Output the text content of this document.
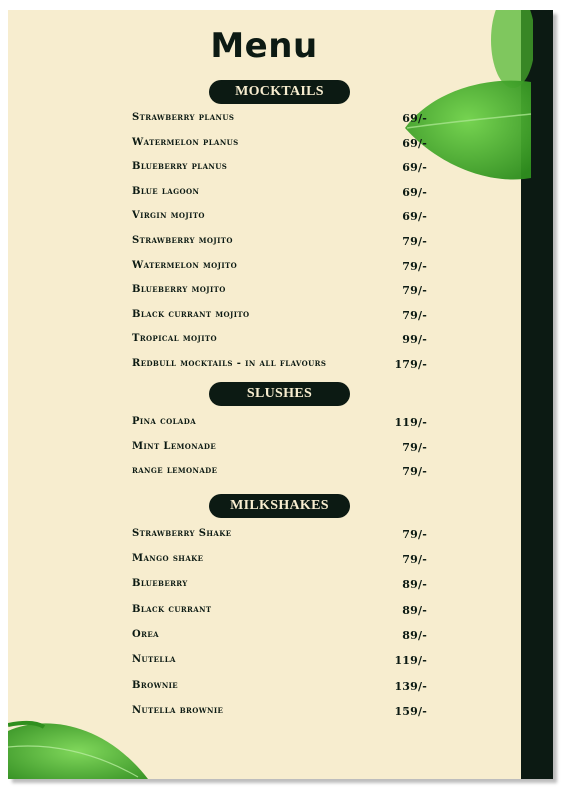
Menu
MOCKTAILS
Strawberry planus	69/-
Watermelon planus	69/-
Blueberry planus	69/-
Blue lagoon	69/-
Virgin mojito	69/-
Strawberry mojito	79/-
Watermelon mojito	79/-
Blueberry mojito	79/-
Black currant mojito	79/-
Tropical mojito	99/-
Redbull mocktails - in all flavours	179/-
SLUSHES
Pina colada	119/-
Mint Lemonade	79/-
range lemonade	79/-
MILKSHAKES
Strawberry Shake	79/-
Mango shake	79/-
Blueberry	89/-
Black currant	89/-
Orea	89/-
Nutella	119/-
Brownie	139/-
Nutella brownie	159/-
